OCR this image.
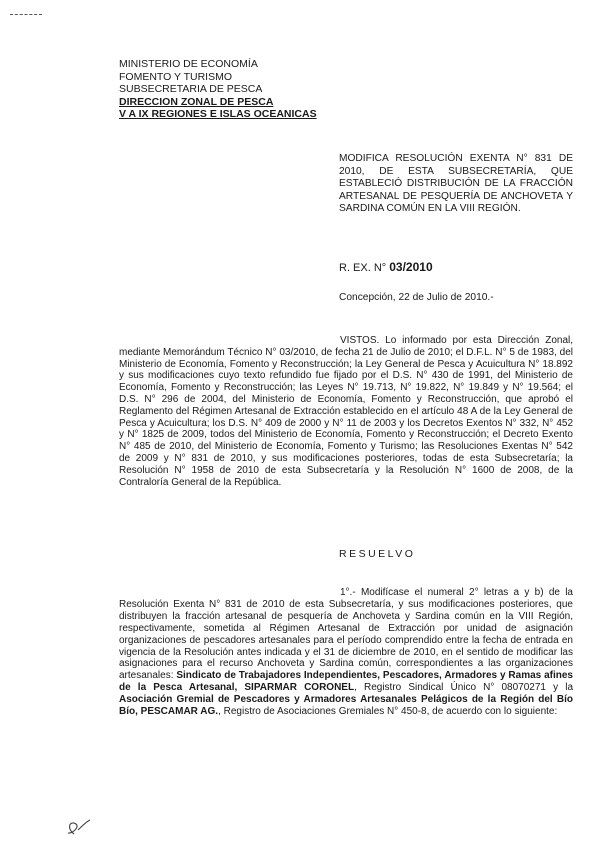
MINISTERIO DE ECONOMÍA
FOMENTO Y TURISMO
SUBSECRETARIA DE PESCA
DIRECCION ZONAL DE PESCA
V A IX REGIONES E ISLAS OCEANICAS
MODIFICA RESOLUCIÓN EXENTA N° 831 DE 2010, DE ESTA SUBSECRETARÍA, QUE ESTABLECIÓ DISTRIBUCIÓN DE LA FRACCIÓN ARTESANAL DE PESQUERÍA DE ANCHOVETA Y SARDINA COMÚN EN LA VIII REGIÓN.
R. EX. N° 03/2010
Concepción, 22 de Julio de 2010.-
VISTOS. Lo informado por esta Dirección Zonal, mediante Memorándum Técnico N° 03/2010, de fecha 21 de Julio de 2010; el D.F.L. N° 5 de 1983, del Ministerio de Economía, Fomento y Reconstrucción; la Ley General de Pesca y Acuicultura N° 18.892 y sus modificaciones cuyo texto refundido fue fijado por el D.S. N° 430 de 1991, del Ministerio de Economía, Fomento y Reconstrucción; las Leyes N° 19.713, N° 19.822, N° 19.849 y N° 19.564; el D.S. N° 296 de 2004, del Ministerio de Economía, Fomento y Reconstrucción, que aprobó el Reglamento del Régimen Artesanal de Extracción establecido en el artículo 48 A de la Ley General de Pesca y Acuicultura; los D.S. N° 409 de 2000 y N° 11 de 2003 y los Decretos Exentos N° 332, N° 452 y N° 1825 de 2009, todos del Ministerio de Economía, Fomento y Reconstrucción; el Decreto Exento N° 485 de 2010, del Ministerio de Economía, Fomento y Turismo; las Resoluciones Exentas N° 542 de 2009 y N° 831 de 2010, y sus modificaciones posteriores, todas de esta Subsecretaría; la Resolución N° 1958 de 2010 de esta Subsecretaría y la Resolución N° 1600 de 2008, de la Contraloría General de la República.
RESUELVO
1°.- Modifícase el numeral 2° letras a y b) de la Resolución Exenta N° 831 de 2010 de esta Subsecretaría, y sus modificaciones posteriores, que distribuyen la fracción artesanal de pesquería de Anchoveta y Sardina común en la VIII Región, respectivamente, sometida al Régimen Artesanal de Extracción por unidad de asignación organizaciones de pescadores artesanales para el período comprendido entre la fecha de entrada en vigencia de la Resolución antes indicada y el 31 de diciembre de 2010, en el sentido de modificar las asignaciones para el recurso Anchoveta y Sardina común, correspondientes a las organizaciones artesanales: Sindicato de Trabajadores Independientes, Pescadores, Armadores y Ramas afines de la Pesca Artesanal, SIPARMAR CORONEL, Registro Sindical Único N° 08070271 y la Asociación Gremial de Pescadores y Armadores Artesanales Pelágicos de la Región del Bío Bío, PESCAMAR AG., Registro de Asociaciones Gremiales N° 450-8, de acuerdo con lo siguiente:
